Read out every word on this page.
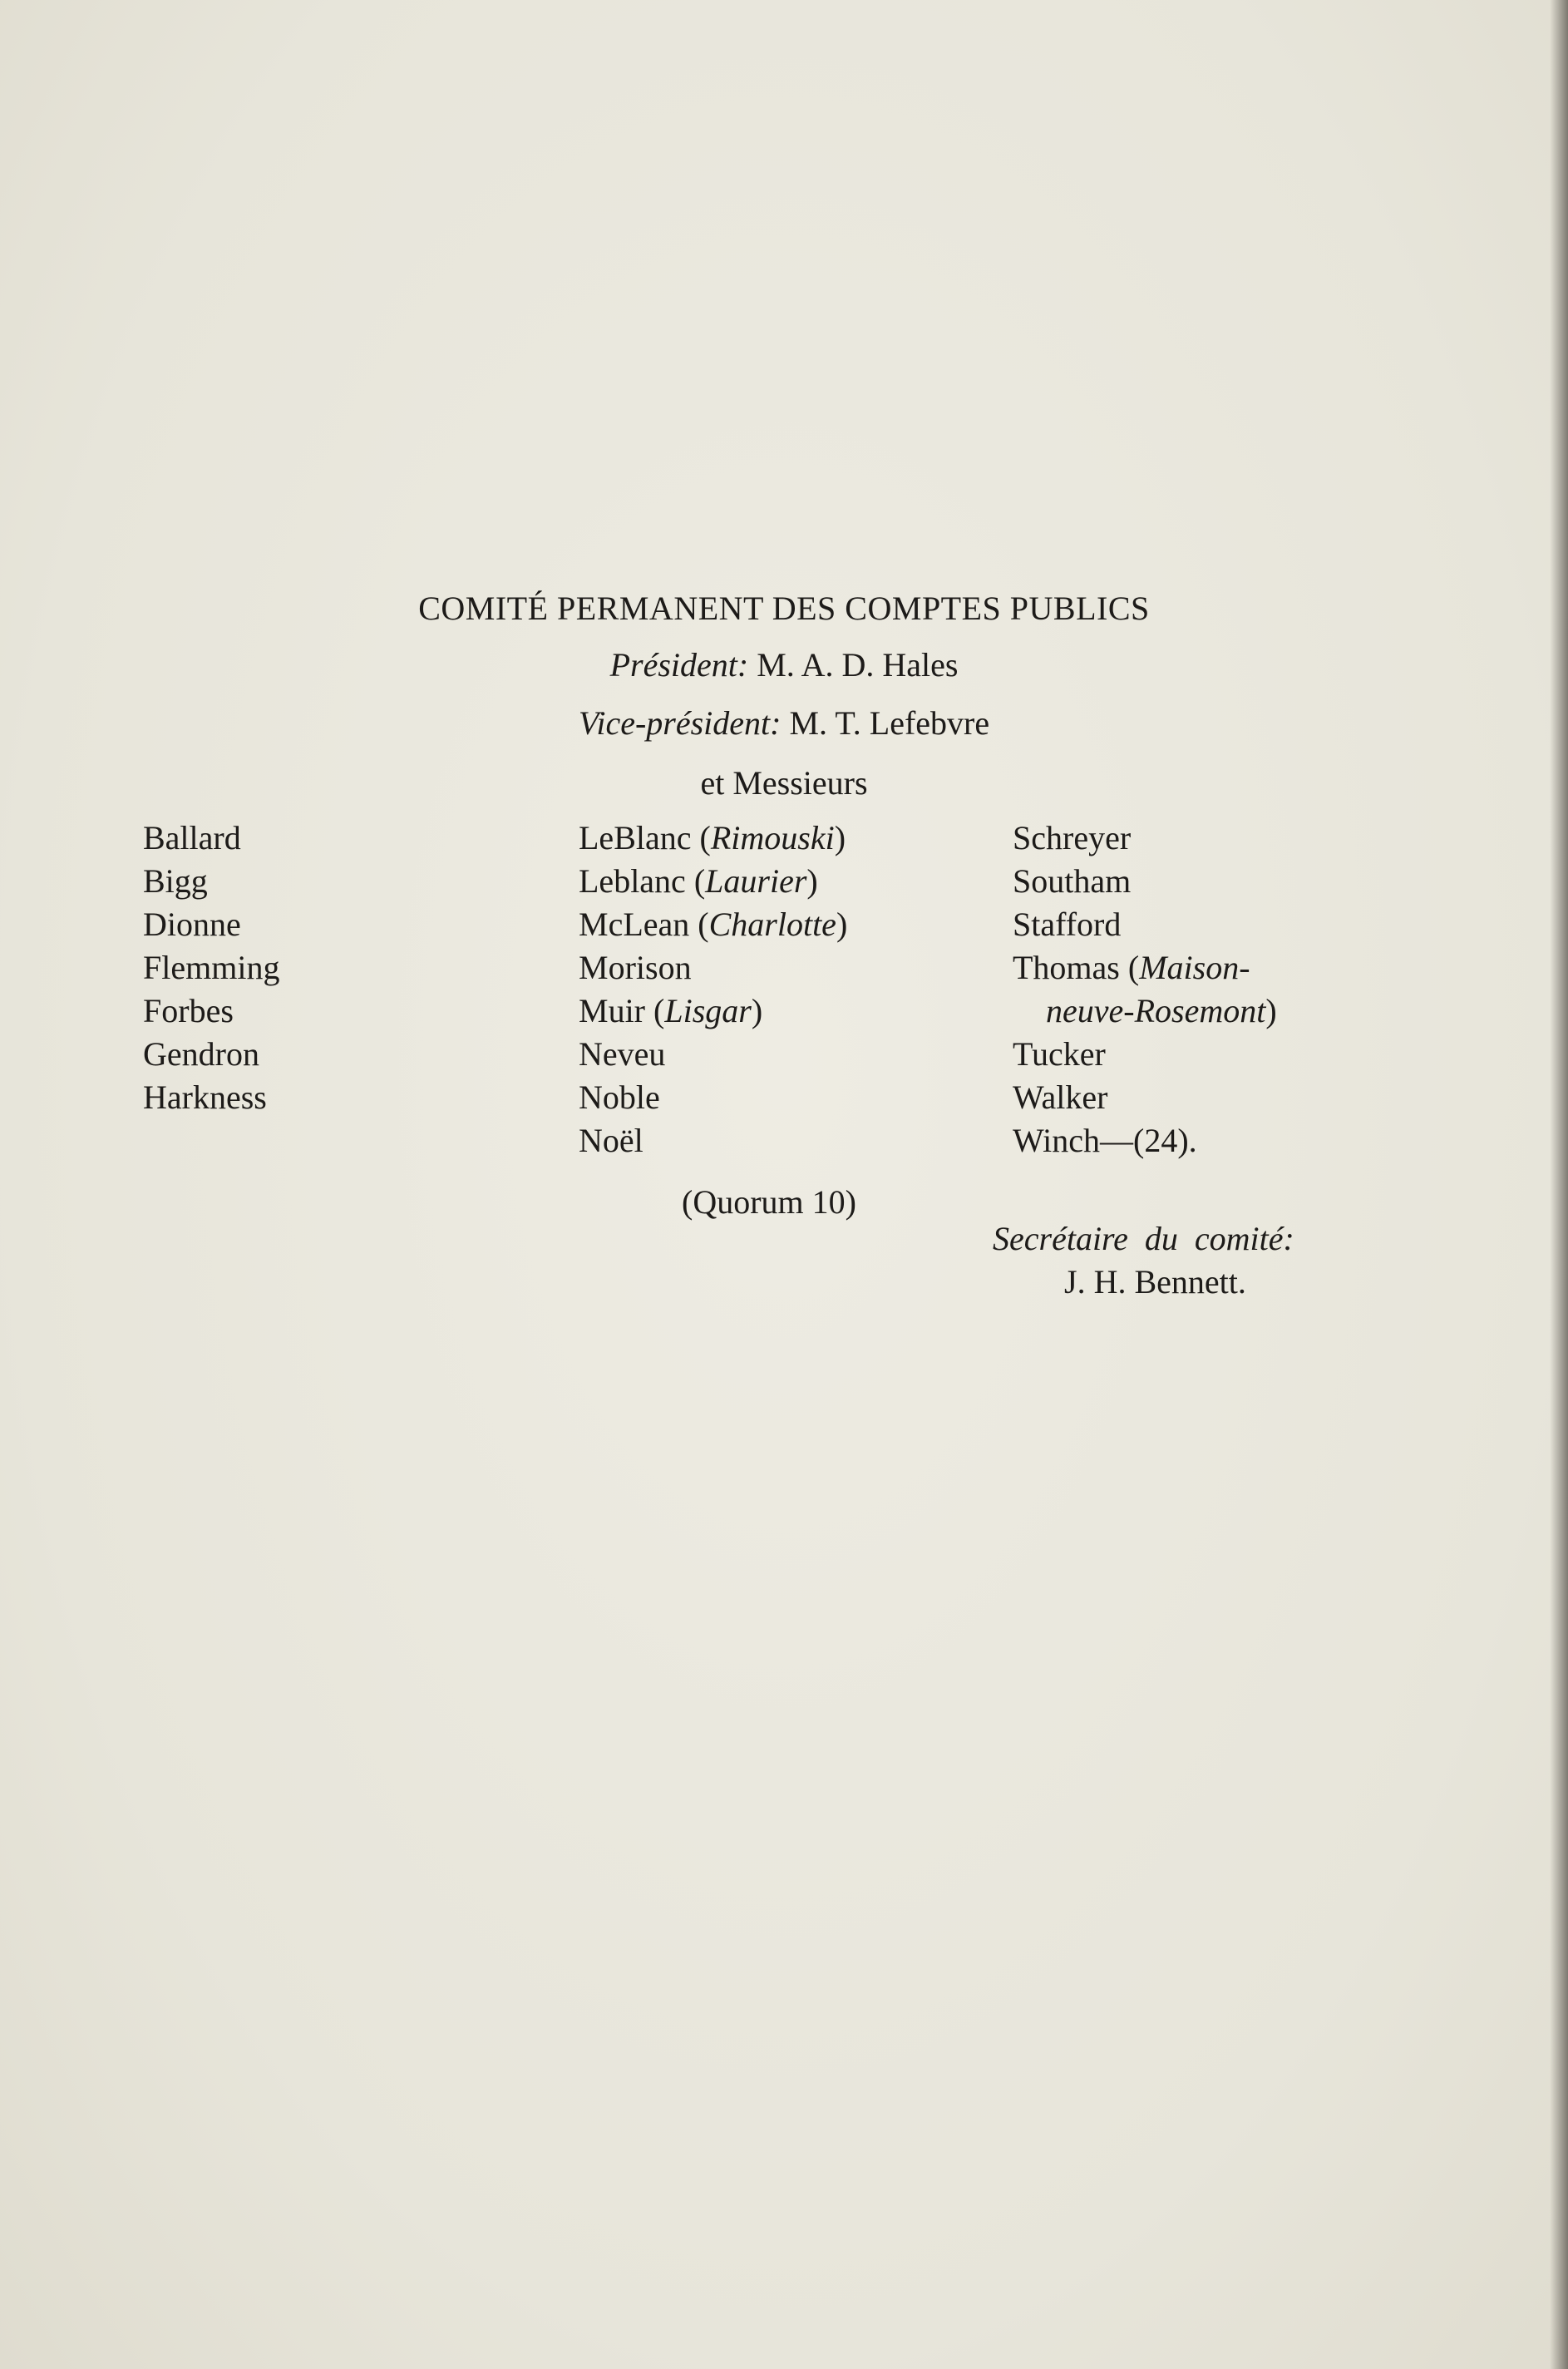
COMITÉ PERMANENT DES COMPTES PUBLICS
Président: M. A. D. Hales
Vice-président: M. T. Lefebvre
et Messieurs
Ballard
Bigg
Dionne
Flemming
Forbes
Gendron
Harkness
LeBlanc (Rimouski)
Leblanc (Laurier)
McLean (Charlotte)
Morison
Muir (Lisgar)
Neveu
Noble
Noël
Schreyer
Southam
Stafford
Thomas (Maison-
neuve-Rosemont)
Tucker
Walker
Winch—(24).
(Quorum 10)
Secrétaire du comité:
J. H. Bennett.
